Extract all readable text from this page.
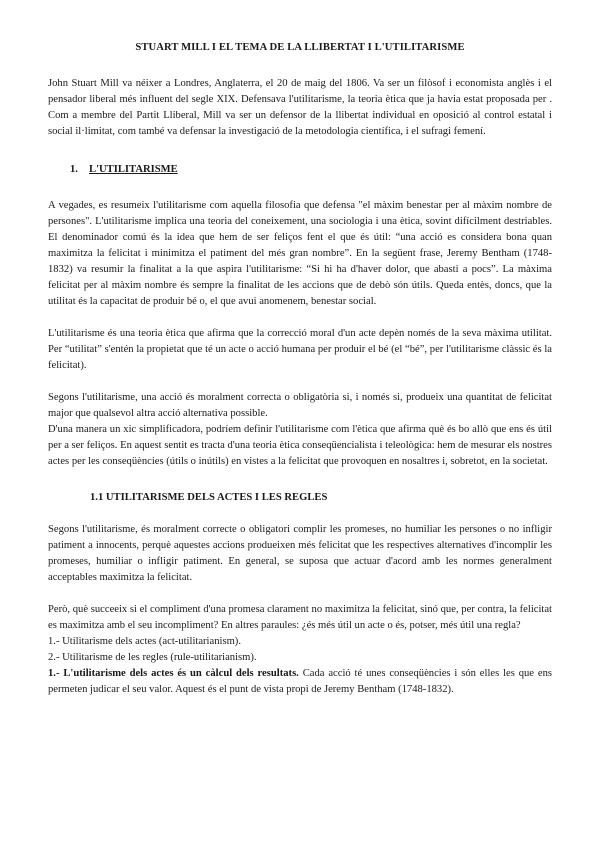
STUART MILL I EL TEMA DE LA LLIBERTAT I L'UTILITARISME

John Stuart Mill va néixer a Londres, Anglaterra, el 20 de maig del 1806. Va ser un filòsof i economista anglès i el pensador liberal més influent del segle XIX. Defensava l'utilitarisme, la teoria ètica que ja havia estat proposada per . Com a membre del Partit Lliberal, Mill va ser un defensor de la llibertat individual en oposició al control estatal i social il·limitat, com també va defensar la investigació de la metodologia científica, i el sufragi femení.

1. L'UTILITARISME

A vegades, es resumeix l'utilitarisme com aquella filosofia que defensa "el màxim benestar per al màxim nombre de persones". L'utilitarisme implica una teoria del coneixement, una sociologia i una ètica, sovint difícilment destriables. El denominador comú és la idea que hem de ser feliços fent el que és útil: “una acció es considera bona quan maximitza la felicitat i minimitza el patiment del més gran nombre”. En la següent frase, Jeremy Bentham (1748-1832) va resumir la finalitat a la que aspira l'utilitarisme: “Si hi ha d'haver dolor, que abasti a pocs”. La màxima felicitat per al màxim nombre és sempre la finalitat de les accions que de debò són útils. Queda entès, doncs, que la utilitat és la capacitat de produir bé o, el que avui anomenem, benestar social.

L'utilitarisme és una teoria ètica que afirma que la correcció moral d'un acte depèn només de la seva màxima utilitat. Per “utilitat” s'entén la propietat que té un acte o acció humana per produir el bé (el “bé”, per l'utilitarisme clàssic és la felicitat).

Segons l'utilitarisme, una acció és moralment correcta o obligatòria si, i només si, produeix una quantitat de felicitat major que qualsevol altra acció alternativa possible.

D'una manera un xic simplificadora, podríem definir l'utilitarisme com l'ètica que afirma què és bo allò que ens és útil per a ser feliços. En aquest sentit es tracta d'una teoria ètica conseqüencialista i teleològica: hem de mesurar els nostres actes per les conseqüències (útils o inútils) en vistes a la felicitat que provoquen en nosaltres i, sobretot, en la societat.

1.1 UTILITARISME DELS ACTES I LES REGLES

Segons l'utilitarisme, és moralment correcte o obligatori complir les promeses, no humiliar les persones o no infligir patiment a innocents, perquè aquestes accions produeixen més felicitat que les respectives alternatives d'incomplir les promeses, humiliar o infligir patiment. En general, se suposa que actuar d'acord amb les normes generalment acceptables maximitza la felicitat.

Però, què succeeix si el compliment d'una promesa clarament no maximitza la felicitat, sinó que, per contra, la felicitat es maximitza amb el seu incompliment? En altres paraules: ¿és més útil un acte o és, potser, més útil una regla?

1.- Utilitarisme dels actes (act-utilitarianism).

2.- Utilitarisme de les regles (rule-utilitarianism).

1.- L'utilitarisme dels actes és un càlcul dels resultats. Cada acció té unes conseqüències i són elles les que ens permeten judicar el seu valor. Aquest és el punt de vista propi de Jeremy Bentham (1748-1832).
